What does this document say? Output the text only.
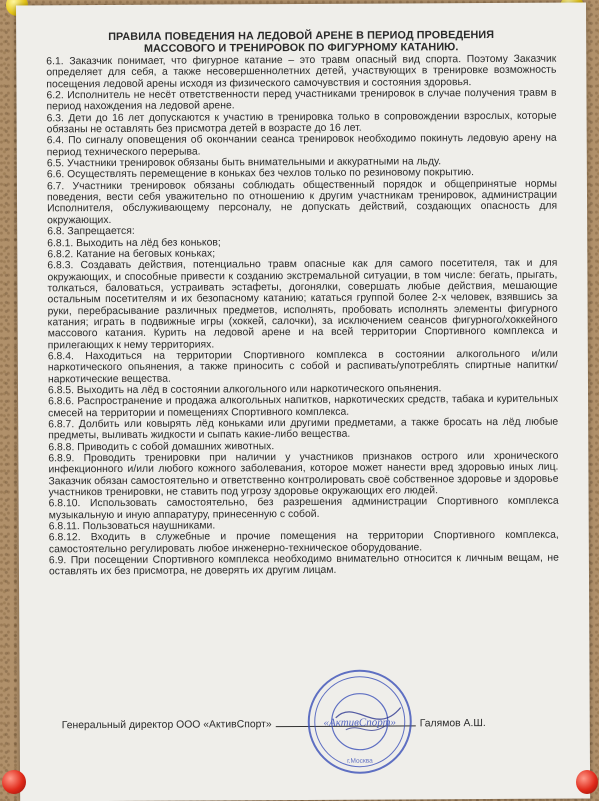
ПРАВИЛА ПОВЕДЕНИЯ НА ЛЕДОВОЙ АРЕНЕ В ПЕРИОД ПРОВЕДЕНИЯ
МАССОВОГО И ТРЕНИРОВОК ПО ФИГУРНОМУ КАТАНИЮ.

6.1. Заказчик понимает, что фигурное катание – это травм опасный вид спорта. Поэтому Заказчик определяет для себя, а также несовершеннолетних детей, участвующих в тренировке возможность посещения ледовой арены исходя из физического самочувствия и состояния здоровья.

6.2. Исполнитель не несёт ответственности перед участниками тренировок в случае получения травм в период нахождения на ледовой арене.

6.3. Дети до 16 лет допускаются к участию в тренировка только в сопровождении взрослых, которые обязаны не оставлять без присмотра детей в возрасте до 16 лет.

6.4. По сигналу оповещения об окончании сеанса тренировок необходимо покинуть ледовую арену на период технического перерыва.

6.5. Участники тренировок обязаны быть внимательными и аккуратными на льду.

6.6. Осуществлять перемещение в коньках без чехлов только по резиновому покрытию.

6.7. Участники тренировок обязаны соблюдать общественный порядок и общепринятые нормы поведения, вести себя уважительно по отношению к другим участникам тренировок, администрации Исполнителя, обслуживающему персоналу, не допускать действий, создающих опасность для окружающих.

6.8. Запрещается:

6.8.1. Выходить на лёд без коньков;

6.8.2. Катание на беговых коньках;

6.8.3. Создавать действия, потенциально травм опасные как для самого посетителя, так и для окружающих, и способные привести к созданию экстремальной ситуации, в том числе: бегать, прыгать, толкаться, баловаться, устраивать эстафеты, догонялки, совершать любые действия, мешающие остальным посетителям и их безопасному катанию; кататься группой более 2-х человек, взявшись за руки, перебрасывание различных предметов, исполнять, пробовать исполнять элементы фигурного катания; играть в подвижные игры (хоккей, салочки), за исключением сеансов фигурного/хоккейного массового катания. Курить на ледовой арене и на всей территории Спортивного комплекса и прилегающих к нему территориях.

6.8.4. Находиться на территории Спортивного комплекса в состоянии алкогольного и/или наркотического опьянения, а также приносить с собой и распивать/употреблять спиртные напитки/наркотические вещества.

6.8.5. Выходить на лёд в состоянии алкогольного или наркотического опьянения.

6.8.6. Распространение и продажа алкогольных напитков, наркотических средств, табака и курительных смесей на территории и помещениях Спортивного комплекса.

6.8.7. Долбить или ковырять лёд коньками или другими предметами, а также бросать на лёд любые предметы, выливать жидкости и сыпать какие-либо вещества.

6.8.8. Приводить с собой домашних животных.

6.8.9. Проводить тренировки при наличии у участников признаков острого или хронического инфекционного и/или любого кожного заболевания, которое может нанести вред здоровью иных лиц. Заказчик обязан самостоятельно и ответственно контролировать своё собственное здоровье и здоровье участников тренировки, не ставить под угрозу здоровье окружающих его людей.

6.8.10. Использовать самостоятельно, без разрешения администрации Спортивного комплекса музыкальную и иную аппаратуру, принесенную с собой.

6.8.11. Пользоваться наушниками.

6.8.12. Входить в служебные и прочие помещения на территории Спортивного комплекса, самостоятельно регулировать любое инженерно-техническое оборудование.

6.9. При посещении Спортивного комплекса необходимо внимательно относится к личным вещам, не оставлять их без присмотра, не доверять их другим лицам.

Генеральный директор ООО «АктивСпорт»	Галямов А.Ш.
«АктивСпорт»
г.Москва
